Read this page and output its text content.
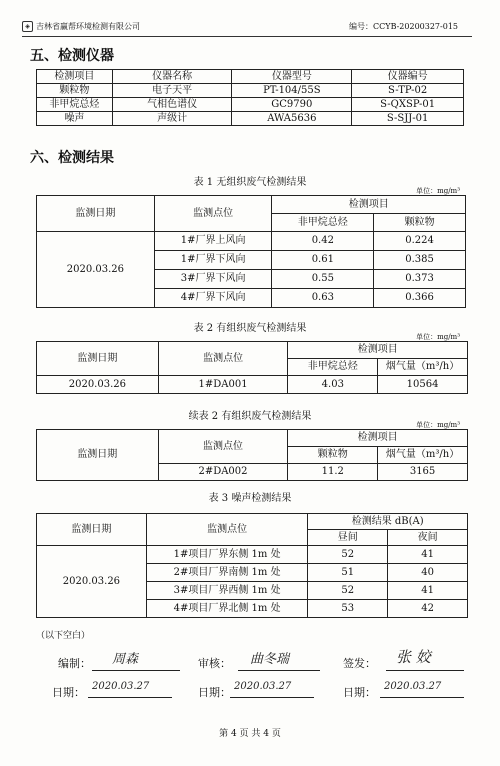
◈ 吉林省赢帮环境检测有限公司	编号：CCYB-20200327-015
五、检测仪器
检测项目	仪器名称	仪器型号	仪器编号
颗粒物	电子天平	PT-104/55S	S-TP-02
非甲烷总烃	气相色谱仪	GC9790	S-QXSP-01
噪声	声级计	AWA5636	S-SJJ-01
六、检测结果
表 1 无组织废气检测结果
单位：mg/m³
监测日期	监测点位	检测项目	
		非甲烷总烃	颗粒物
2020.03.26	1#厂界上风向	0.42	0.224
	1#厂界下风向	0.61	0.385
	3#厂界下风向	0.55	0.373
	4#厂界下风向	0.63	0.366
表 2 有组织废气检测结果
单位：mg/m³
监测日期	监测点位	检测项目	
		非甲烷总烃	烟气量（m³/h）
2020.03.26	1#DA001	4.03	10564
续表 2 有组织废气检测结果
单位：mg/m³
监测日期	监测点位	检测项目	
		颗粒物	烟气量（m³/h）
	2#DA002	11.2	3165
表 3 噪声检测结果
监测日期	监测点位	检测结果 dB(A)	
		昼间	夜间
2020.03.26	1#项目厂界东侧 1m 处	52	41
	2#项目厂界南侧 1m 处	51	40
	3#项目厂界西侧 1m 处	52	41
	4#项目厂界北侧 1m 处	53	42
（以下空白）
编制： 周森	审核： 曲冬瑞	签发： 张 姣
日期： 2020.03.27	日期： 2020.03.27	日期： 2020.03.27
第 4 页 共 4 页
